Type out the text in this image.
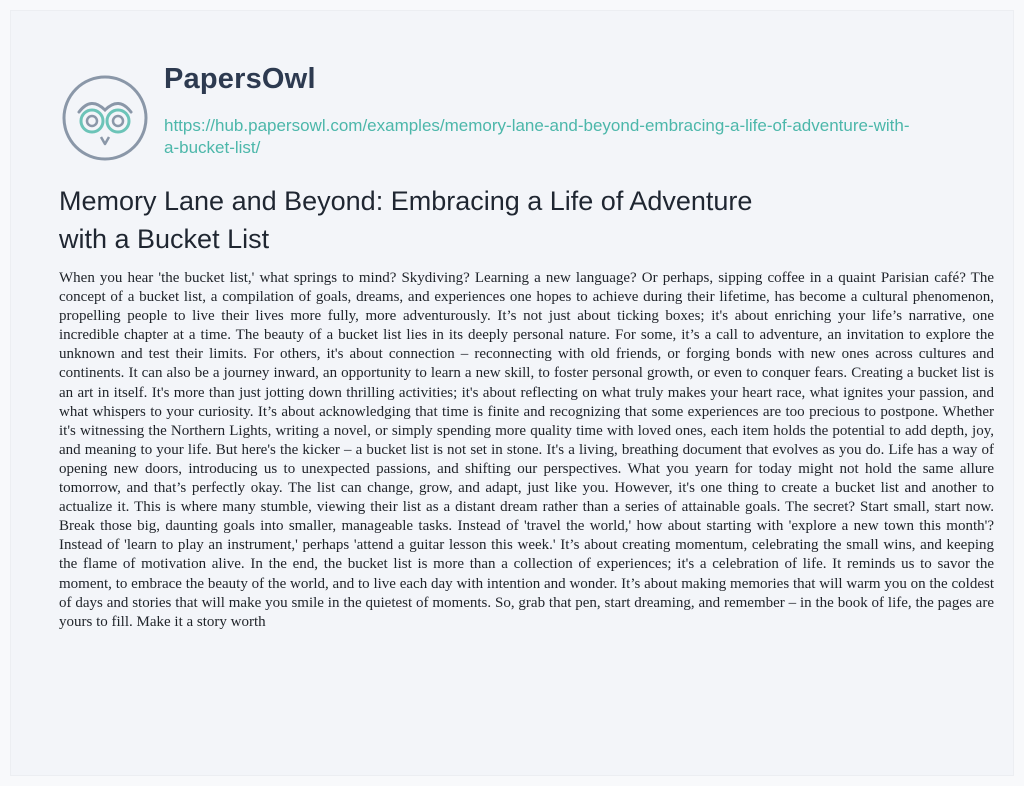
PapersOwl
https://hub.papersowl.com/examples/memory-lane-and-beyond-embracing-a-life-of-adventure-with-a-bucket-list/
Memory Lane and Beyond: Embracing a Life of Adventure with a Bucket List

When you hear 'the bucket list,' what springs to mind? Skydiving? Learning a new language? Or perhaps, sipping coffee in a quaint Parisian café? The concept of a bucket list, a compilation of goals, dreams, and experiences one hopes to achieve during their lifetime, has become a cultural phenomenon, propelling people to live their lives more fully, more adventurously. It’s not just about ticking boxes; it's about enriching your life’s narrative, one incredible chapter at a time. The beauty of a bucket list lies in its deeply personal nature. For some, it’s a call to adventure, an invitation to explore the unknown and test their limits. For others, it's about connection – reconnecting with old friends, or forging bonds with new ones across cultures and continents. It can also be a journey inward, an opportunity to learn a new skill, to foster personal growth, or even to conquer fears. Creating a bucket list is an art in itself. It's more than just jotting down thrilling activities; it's about reflecting on what truly makes your heart race, what ignites your passion, and what whispers to your curiosity. It’s about acknowledging that time is finite and recognizing that some experiences are too precious to postpone. Whether it's witnessing the Northern Lights, writing a novel, or simply spending more quality time with loved ones, each item holds the potential to add depth, joy, and meaning to your life. But here's the kicker – a bucket list is not set in stone. It's a living, breathing document that evolves as you do. Life has a way of opening new doors, introducing us to unexpected passions, and shifting our perspectives. What you yearn for today might not hold the same allure tomorrow, and that’s perfectly okay. The list can change, grow, and adapt, just like you. However, it's one thing to create a bucket list and another to actualize it. This is where many stumble, viewing their list as a distant dream rather than a series of attainable goals. The secret? Start small, start now. Break those big, daunting goals into smaller, manageable tasks. Instead of 'travel the world,' how about starting with 'explore a new town this month'? Instead of 'learn to play an instrument,' perhaps 'attend a guitar lesson this week.' It’s about creating momentum, celebrating the small wins, and keeping the flame of motivation alive. In the end, the bucket list is more than a collection of experiences; it's a celebration of life. It reminds us to savor the moment, to embrace the beauty of the world, and to live each day with intention and wonder. It’s about making memories that will warm you on the coldest of days and stories that will make you smile in the quietest of moments. So, grab that pen, start dreaming, and remember – in the book of life, the pages are yours to fill. Make it a story worth
